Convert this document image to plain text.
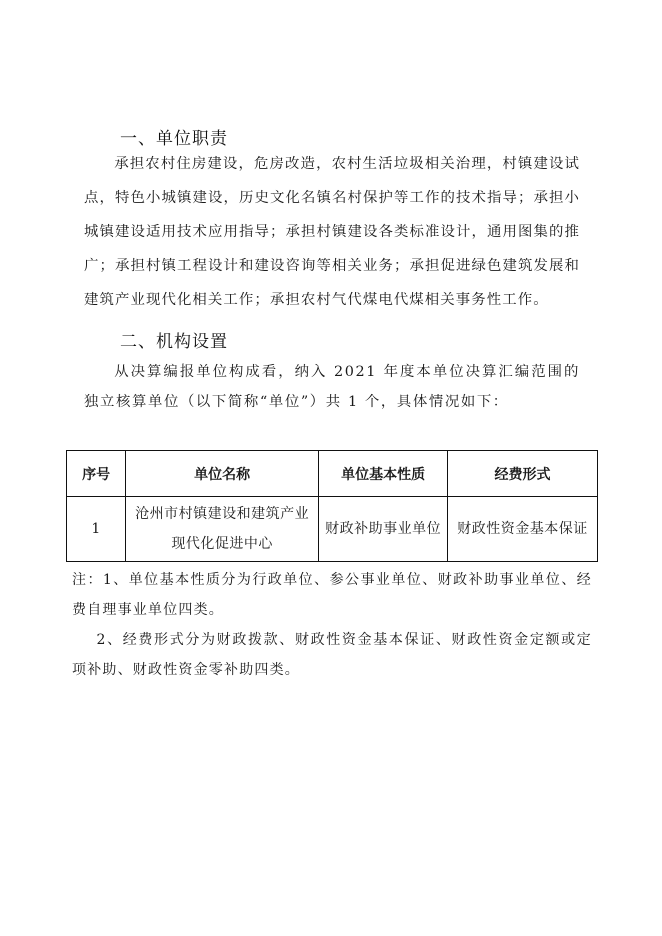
一、单位职责

承担农村住房建设，危房改造，农村生活垃圾相关治理，村镇建设试点，特色小城镇建设，历史文化名镇名村保护等工作的技术指导；承担小城镇建设适用技术应用指导；承担村镇建设各类标准设计，通用图集的推广；承担村镇工程设计和建设咨询等相关业务；承担促进绿色建筑发展和建筑产业现代化相关工作；承担农村气代煤电代煤相关事务性工作。

二、机构设置

从决算编报单位构成看，纳入 2021 年度本单位决算汇编范围的独立核算单位（以下简称“单位”）共 1 个，具体情况如下：

序号	单位名称	单位基本性质	经费形式
1	沧州市村镇建设和建筑产业现代化促进中心	财政补助事业单位	财政性资金基本保证

注：1、单位基本性质分为行政单位、参公事业单位、财政补助事业单位、经费自理事业单位四类。

2、经费形式分为财政拨款、财政性资金基本保证、财政性资金定额或定项补助、财政性资金零补助四类。
